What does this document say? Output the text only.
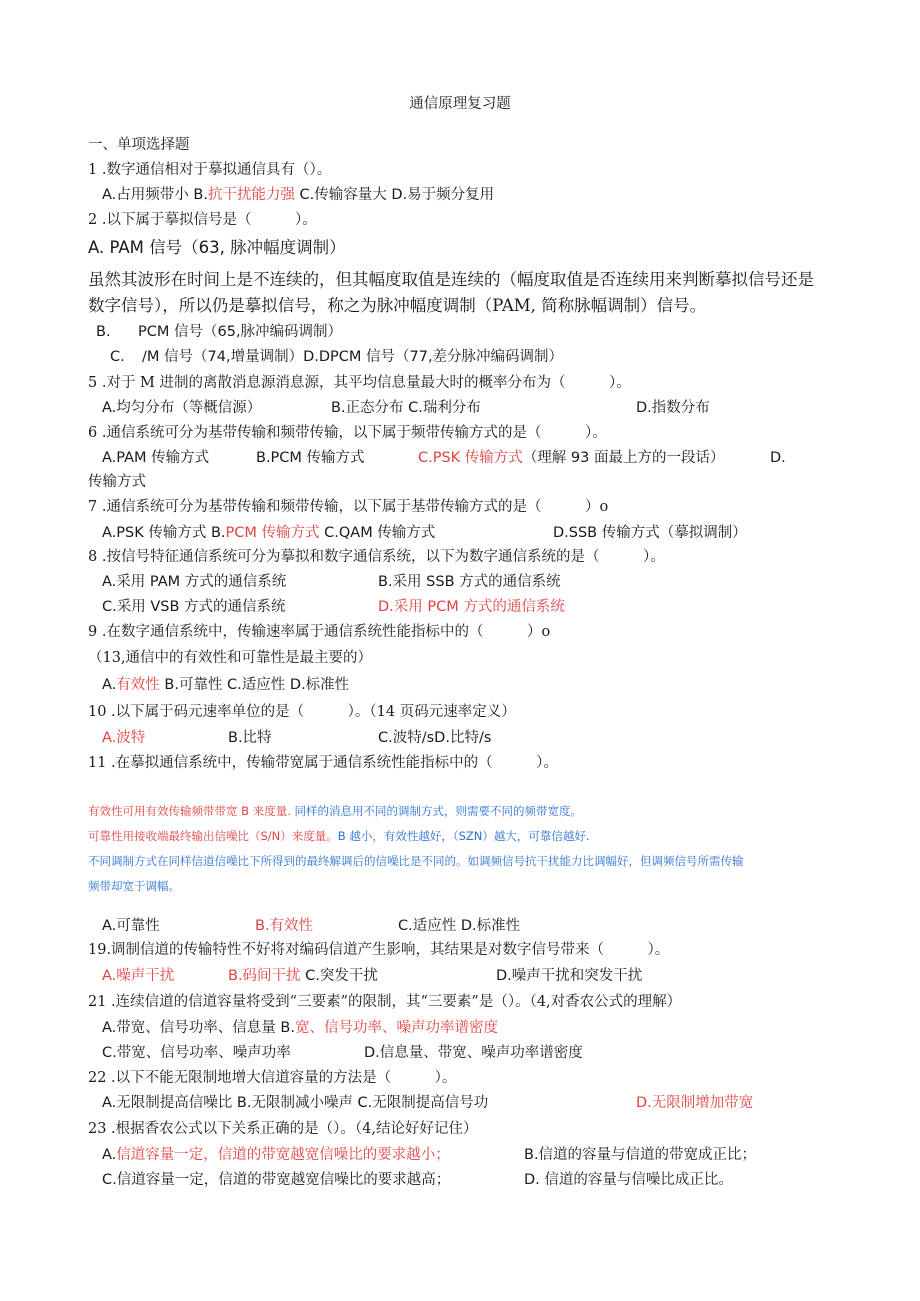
通信原理复习题
一、单项选择题
1 .数字通信相对于摹拟通信具有（）。
A.占用频带小 B.抗干扰能力强 C.传输容量大 D.易于频分复用
2 .以下属于摹拟信号是（　　　）。
A. PAM 信号（63, 脉冲幅度调制）
虽然其波形在时间上是不连续的，但其幅度取值是连续的（幅度取值是否连续用来判断摹拟信号还是
数字信号），所以仍是摹拟信号，称之为脉冲幅度调制（PAM, 简称脉幅调制）信号。
B. PCM 信号（65,脉冲编码调制）
C. /M 信号（74,增量调制）D.DPCM 信号（77,差分脉冲编码调制）
5 .对于 M 进制的离散消息源消息源，其平均信息量最大时的概率分布为（　　　）。
A.均匀分布（等概信源）	B.正态分布 C.瑞利分布	D.指数分布
6 .通信系统可分为基带传输和频带传输，以下属于频带传输方式的是（　　　）。
A.PAM 传输方式	B.PCM 传输方式	C.PSK 传输方式（理解 93 面最上方的一段话）	D.
传输方式
7 .通信系统可分为基带传输和频带传输，以下属于基带传输方式的是（　　　）o
A.PSK 传输方式 B.PCM 传输方式 C.QAM 传输方式	D.SSB 传输方式（摹拟调制）
8 .按信号特征通信系统可分为摹拟和数字通信系统，以下为数字通信系统的是（　　　）。
A.采用 PAM 方式的通信系统	B.采用 SSB 方式的通信系统
C.采用 VSB 方式的通信系统	D.采用 PCM 方式的通信系统
9 .在数字通信系统中，传输速率属于通信系统性能指标中的（　　　）o
（13,通信中的有效性和可靠性是最主要的）
A.有效性 B.可靠性 C.适应性 D.标准性
10 .以下属于码元速率单位的是（　　　）。（14 页码元速率定义）
A.波特	B.比特	C.波特/sD.比特/s
11 .在摹拟通信系统中，传输带宽属于通信系统性能指标中的（　　　）。
有效性可用有效传输频带带宽 B 来度量. 同样的消息用不同的调制方式，则需要不同的频带宽度。
可靠性用接收端最终输出信噪比（S/N）来度量。B 越小，有效性越好，（SZN）越大，可靠信越好.
不同调制方式在同样信道信噪比下所得到的最终解调后的信噪比是不同的。如调频信号抗干扰能力比调幅好，但调频信号所需传输
频带却宽于调幅。
A.可靠性	B.有效性	C.适应性 D.标准性
19.调制信道的传输特性不好将对编码信道产生影响，其结果是对数字信号带来（　　　）。
A.噪声干扰	B.码间干扰 C.突发干扰	D.噪声干扰和突发干扰
21 .连续信道的信道容量将受到“三要素”的限制，其“三要素”是（）。（4,对香农公式的理解）
A.带宽、信号功率、信息量 B.宽、信号功率、噪声功率谱密度
C.带宽、信号功率、噪声功率	D.信息量、带宽、噪声功率谱密度
22 .以下不能无限制地增大信道容量的方法是（　　　）。
A.无限制提高信噪比 B.无限制减小噪声 C.无限制提高信号功	D.无限制增加带宽
23 .根据香农公式以下关系正确的是（）。（4,结论好好记住）
A.信道容量一定，信道的带宽越宽信噪比的要求越小；	B.信道的容量与信道的带宽成正比；
C.信道容量一定，信道的带宽越宽信噪比的要求越高；	D. 信道的容量与信噪比成正比。
